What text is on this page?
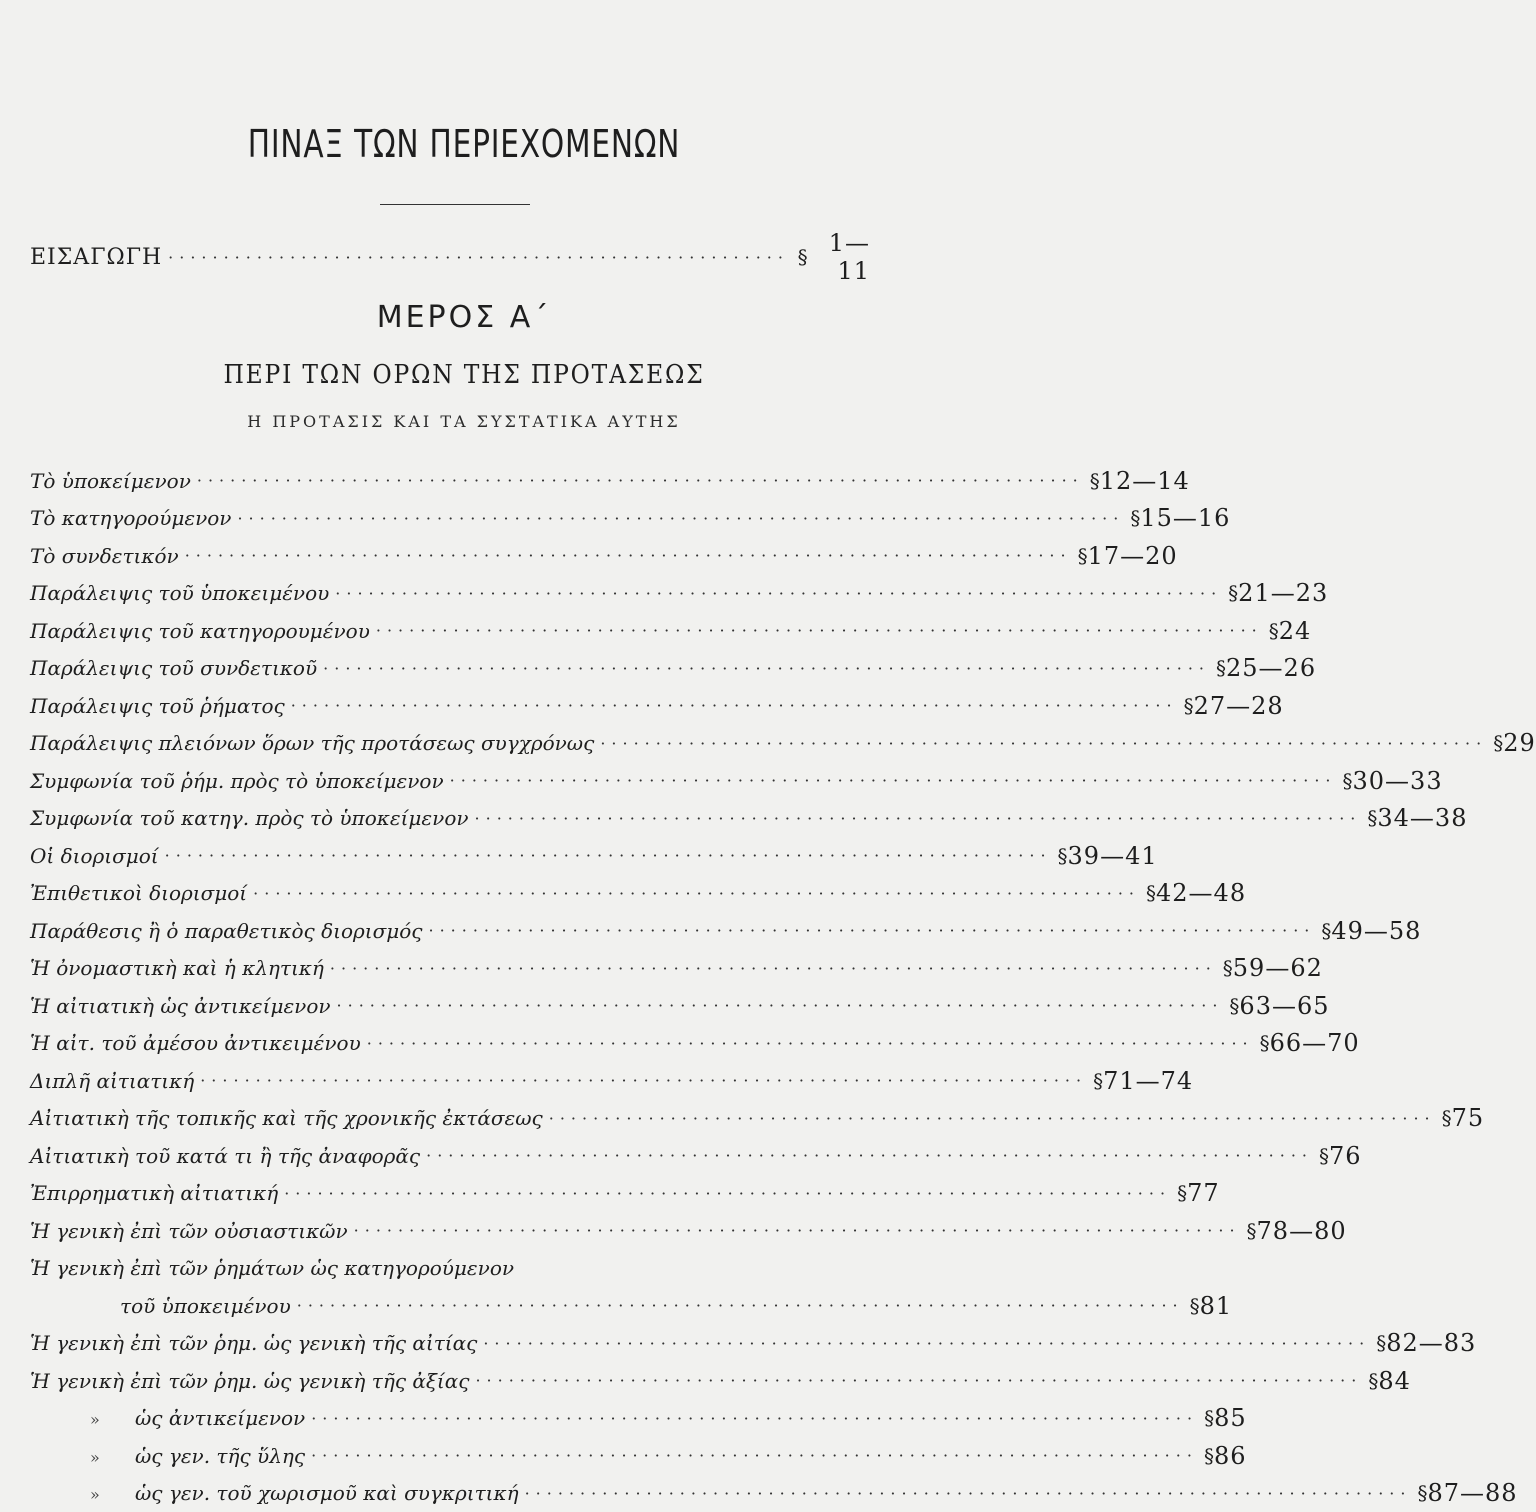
ΠΙΝΑΞ ΤΩΝ ΠΕΡΙΕΧΟΜΕΝΩΝ
ΕΙΣΑΓΩΓΗ ························································ § 1—11
ΜΕΡΟΣ Α΄
ΠΕΡΙ ΤΩΝ ΟΡΩΝ ΤΗΣ ΠΡΟΤΑΣΕΩΣ
Η ΠΡΟΤΑΣΙΣ ΚΑΙ ΤΑ ΣΥΣΤΑΤΙΚΑ ΑΥΤΗΣ
Τὸ ὑποκείμενον ················································································ § 12—14
Τὸ κατηγορούμενον ················································································ § 15—16
Τὸ συνδετικόν ················································································ § 17—20
Παράλειψις τοῦ ὑποκειμένου ················································································ § 21—23
Παράλειψις τοῦ κατηγορουμένου ················································································ § 24
Παράλειψις τοῦ συνδετικοῦ ················································································ § 25—26
Παράλειψις τοῦ ῥήματος ················································································ § 27—28
Παράλειψις πλειόνων ὅρων τῆς προτάσεως συγχρόνως ················································································ § 29
Συμφωνία τοῦ ῥήμ. πρὸς τὸ ὑποκείμενον ················································································ § 30—33
Συμφωνία τοῦ κατηγ. πρὸς τὸ ὑποκείμενον ················································································ § 34—38
Οἱ διορισμοί ················································································ § 39—41
Ἐπιθετικοὶ διορισμοί ················································································ § 42—48
Παράθεσις ἢ ὁ παραθετικὸς διορισμός ················································································ § 49—58
Ἡ ὀνομαστικὴ καὶ ἡ κλητική ················································································ § 59—62
Ἡ αἰτιατικὴ ὡς ἀντικείμενον ················································································ § 63—65
Ἡ αἰτ. τοῦ ἀμέσου ἀντικειμένου ················································································ § 66—70
Διπλῆ αἰτιατική ················································································ § 71—74
Αἰτιατικὴ τῆς τοπικῆς καὶ τῆς χρονικῆς ἐκτάσεως ················································································ § 75
Αἰτιατικὴ τοῦ κατά τι ἢ τῆς ἀναφορᾶς ················································································ § 76
Ἐπιρρηματικὴ αἰτιατική ················································································ § 77
Ἡ γενικὴ ἐπὶ τῶν οὐσιαστικῶν ················································································ § 78—80
Ἡ γενικὴ ἐπὶ τῶν ῥημάτων ὡς κατηγορούμενον
τοῦ ὑποκειμένου ················································································ § 81
Ἡ γενικὴ ἐπὶ τῶν ῥημ. ὡς γενικὴ τῆς αἰτίας ················································································ § 82—83
Ἡ γενικὴ ἐπὶ τῶν ῥημ. ὡς γενικὴ τῆς ἀξίας ················································································ § 84
» ὡς ἀντικείμενον ················································································ § 85
» ὡς γεν. τῆς ὕλης ················································································ § 86
» ὡς γεν. τοῦ χωρισμοῦ καὶ συγκριτική ················································································ § 87—88
